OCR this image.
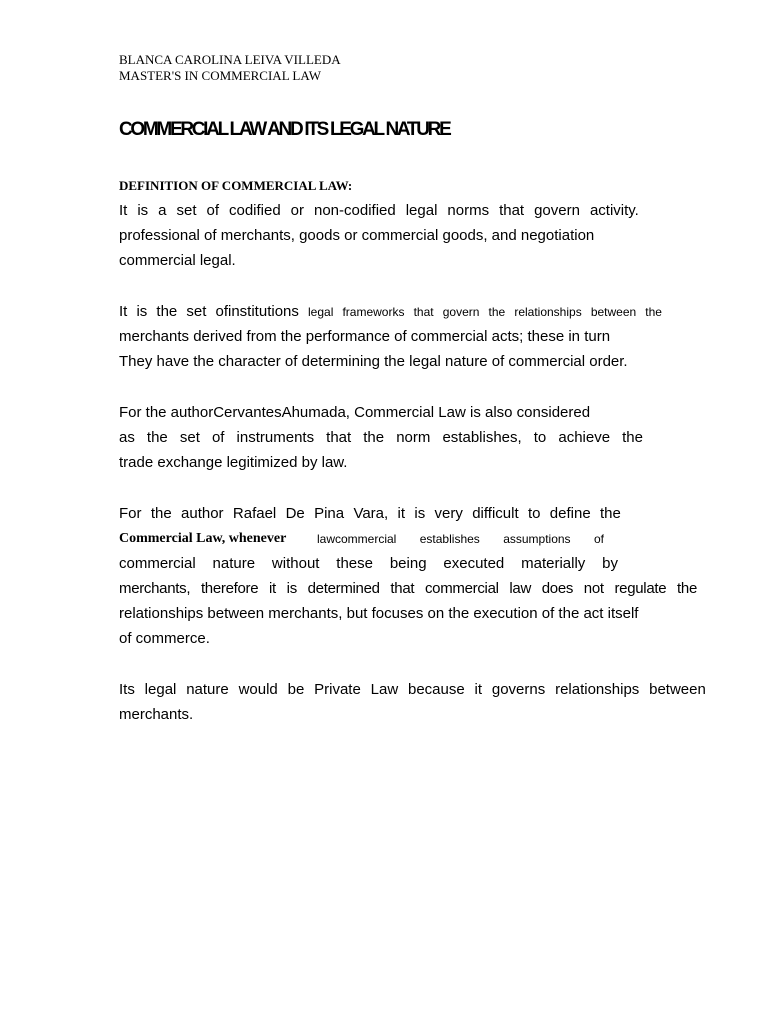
BLANCA CAROLINA LEIVA VILLEDA
MASTER'S IN COMMERCIAL LAW
COMMERCIAL LAW AND ITS LEGAL NATURE
DEFINITION OF COMMERCIAL LAW:
It is a set of codified or non-codified legal norms that govern activity.
professional of merchants, goods or commercial goods, and negotiation
commercial legal.
It is the set ofinstitutions legal frameworks that govern the relationships between the
merchants derived from the performance of commercial acts; these in turn
They have the character of determining the legal nature of commercial order.
For the authorCervantesAhumada, Commercial Law is also considered
as the set of instruments that the norm establishes, to achieve the
trade exchange legitimized by law.
For the author Rafael De Pina Vara, it is very difficult to define the
Commercial Law, whenever	lawcommercial establishes assumptions of
commercial nature without these being executed materially by
merchants, therefore it is determined that commercial law does not regulate the
relationships between merchants, but focuses on the execution of the act itself
of commerce.
Its legal nature would be Private Law because it governs relationships between
merchants.
